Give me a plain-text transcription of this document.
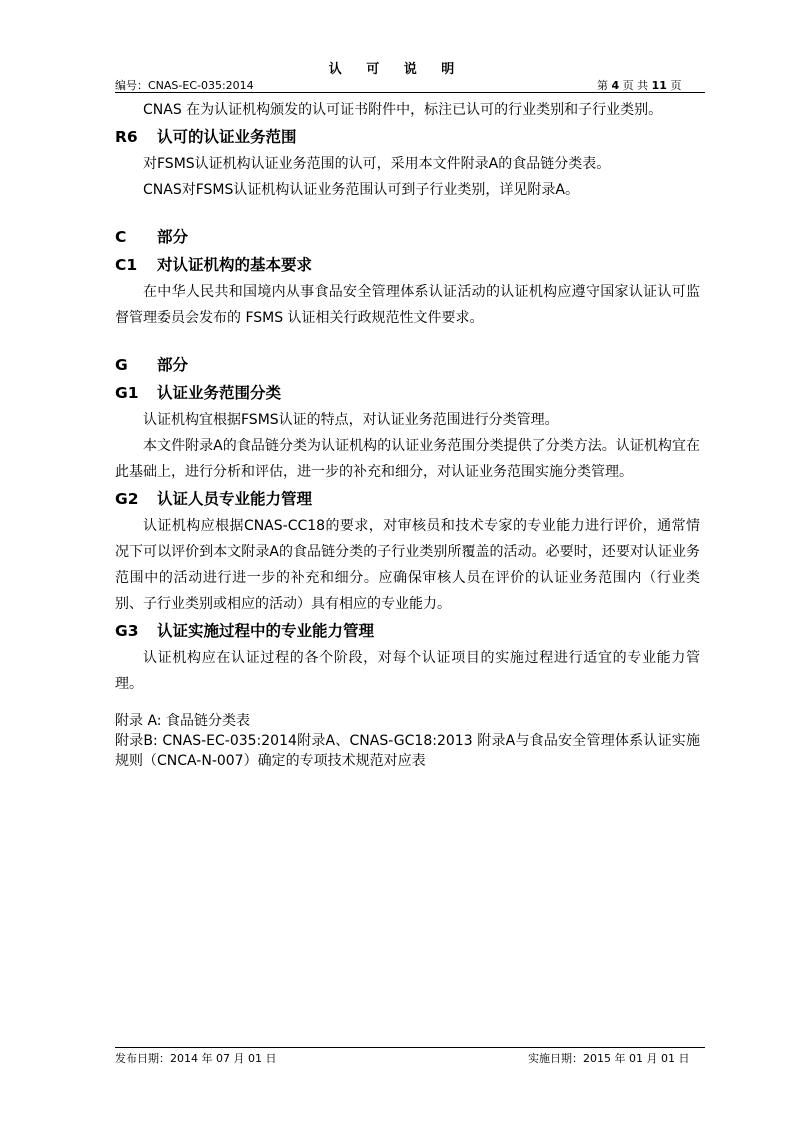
认 可 说 明
编号：CNAS-EC-035:2014	第 4 页 共 11 页

CNAS 在为认证机构颁发的认可证书附件中，标注已认可的行业类别和子行业类别。

R6 认可的认证业务范围

对FSMS认证机构认证业务范围的认可，采用本文件附录A的食品链分类表。

CNAS对FSMS认证机构认证业务范围认可到子行业类别，详见附录A。

C 部分
C1 对认证机构的基本要求

在中华人民共和国境内从事食品安全管理体系认证活动的认证机构应遵守国家认证认可监督管理委员会发布的 FSMS 认证相关行政规范性文件要求。

G 部分
G1 认证业务范围分类

认证机构宜根据FSMS认证的特点，对认证业务范围进行分类管理。

本文件附录A的食品链分类为认证机构的认证业务范围分类提供了分类方法。认证机构宜在此基础上，进行分析和评估，进一步的补充和细分，对认证业务范围实施分类管理。

G2 认证人员专业能力管理

认证机构应根据CNAS-CC18的要求，对审核员和技术专家的专业能力进行评价，通常情况下可以评价到本文附录A的食品链分类的子行业类别所覆盖的活动。必要时，还要对认证业务范围中的活动进行进一步的补充和细分。应确保审核人员在评价的认证业务范围内（行业类别、子行业类别或相应的活动）具有相应的专业能力。

G3 认证实施过程中的专业能力管理

认证机构应在认证过程的各个阶段，对每个认证项目的实施过程进行适宜的专业能力管理。

附录 A: 食品链分类表

附录B: CNAS-EC-035:2014附录A、CNAS-GC18:2013 附录A与食品安全管理体系认证实施规则（CNCA-N-007）确定的专项技术规范对应表

发布日期：2014 年 07 月 01 日	实施日期：2015 年 01 月 01 日
